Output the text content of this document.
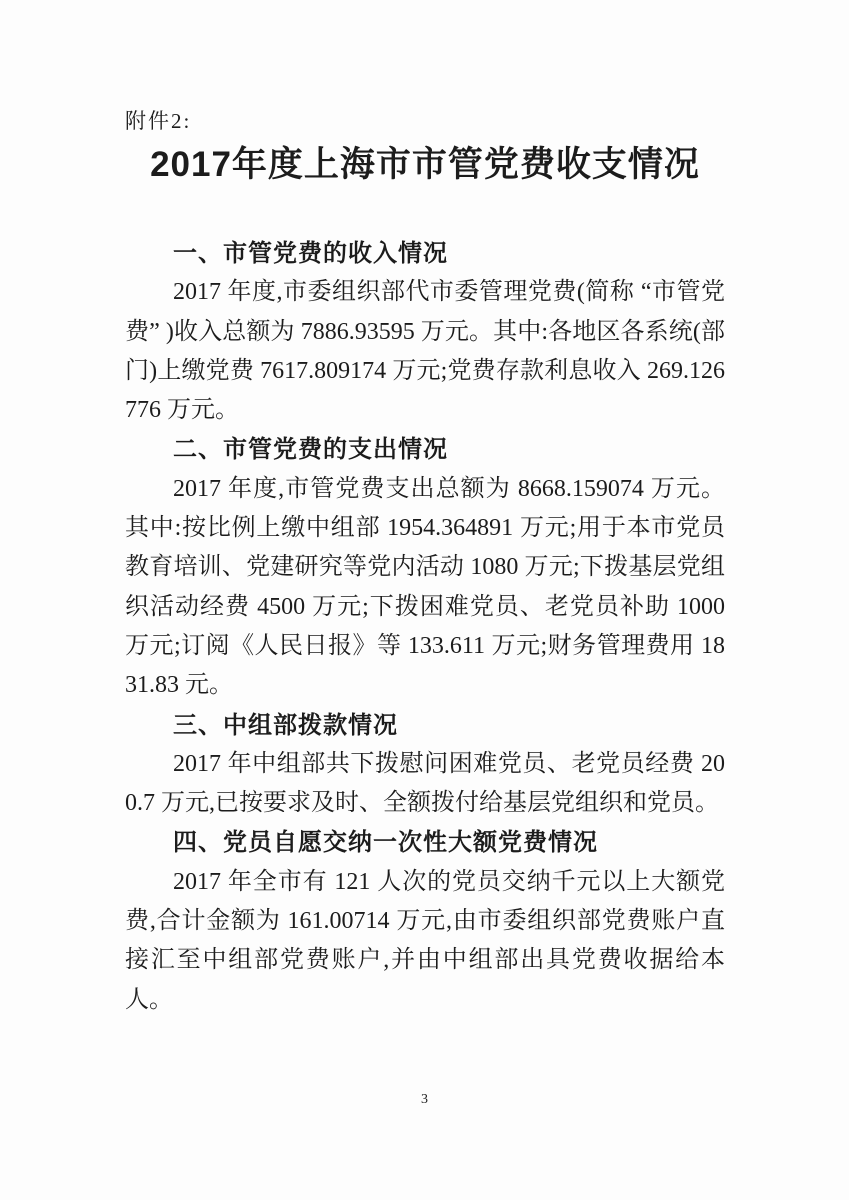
附件2:
2017年度上海市市管党费收支情况
一、市管党费的收入情况

2017 年度,市委组织部代市委管理党费(简称 “市管党费” )收入总额为 7886.93595 万元。其中:各地区各系统(部门)上缴党费 7617.809174 万元;党费存款利息收入 269.126776 万元。

二、市管党费的支出情况

2017 年度,市管党费支出总额为 8668.159074 万元。其中:按比例上缴中组部 1954.364891 万元;用于本市党员教育培训、党建研究等党内活动 1080 万元;下拨基层党组织活动经费 4500 万元;下拨困难党员、老党员补助 1000 万元;订阅《人民日报》等 133.611 万元;财务管理费用 1831.83 元。

三、中组部拨款情况

2017 年中组部共下拨慰问困难党员、老党员经费 200.7 万元,已按要求及时、全额拨付给基层党组织和党员。

四、党员自愿交纳一次性大额党费情况

2017 年全市有 121 人次的党员交纳千元以上大额党费,合计金额为 161.00714 万元,由市委组织部党费账户直接汇至中组部党费账户,并由中组部出具党费收据给本人。

3
